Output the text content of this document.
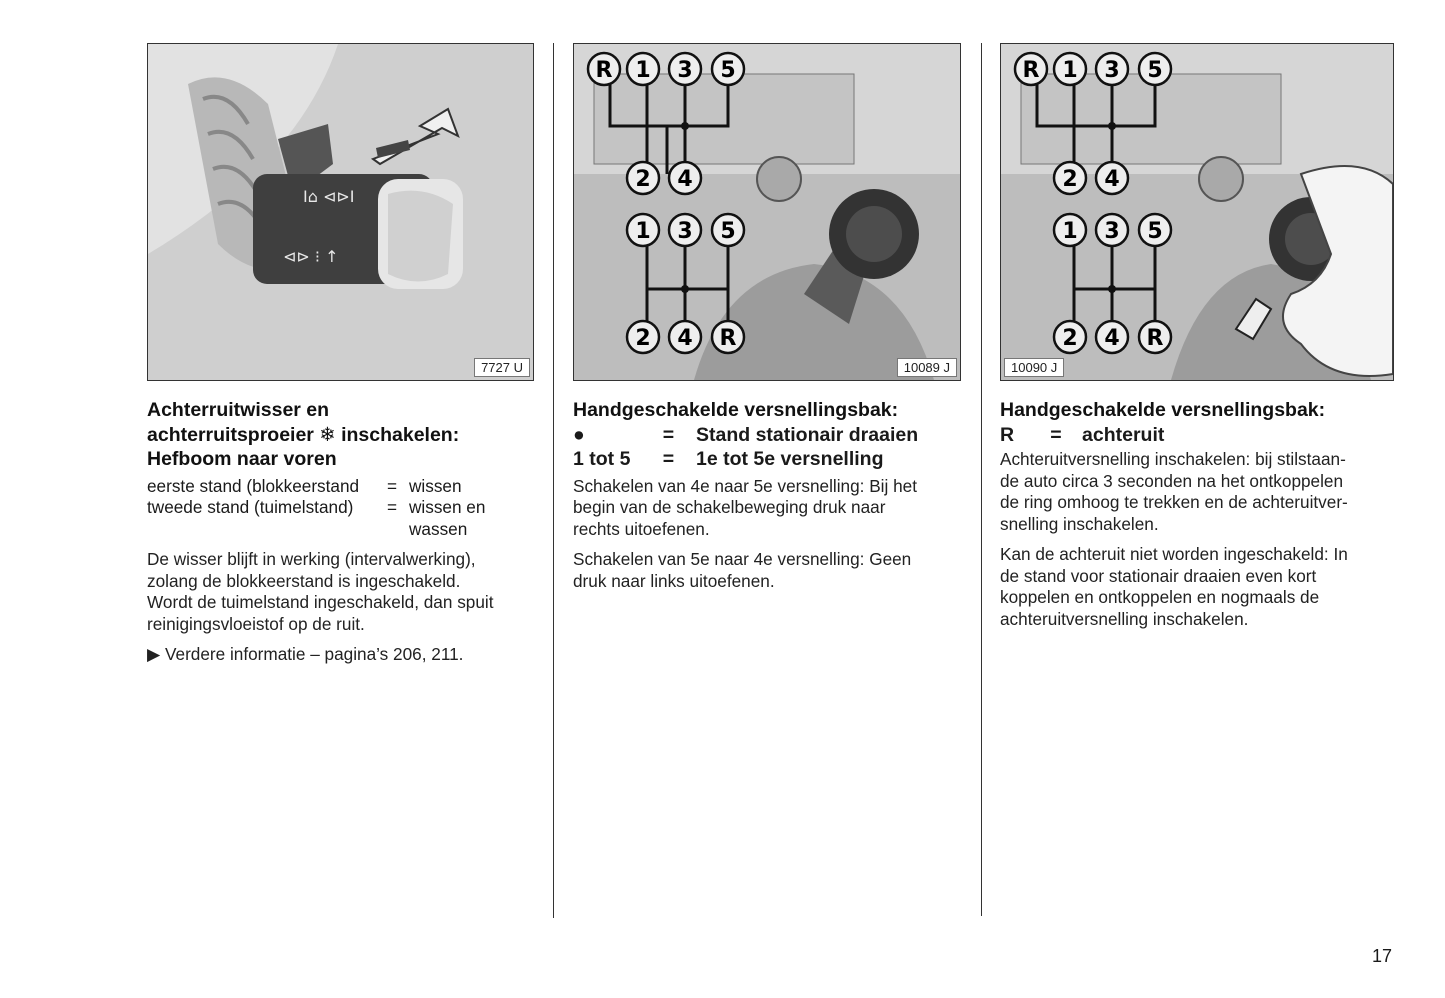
I⌂ ⊲⊳I
⊲⊳ ⁝ ↑
7727 U
Achterruitwisser en
achterruitsproeier ❄ inschakelen:
Hefboom naar voren
eerste stand (blokkeerstand	= wissen
tweede stand (tuimelstand)	= wissen en
wassen

De wisser blijft in werking (intervalwerking),
zolang de blokkeerstand is ingeschakeld.
Wordt de tuimelstand ingeschakeld, dan spuit
reinigingsvloeistof op de ruit.

▶ Verdere informatie – pagina’s 206, 211.

R 1 3 5
2 4
1 3 5
2 4 R
10089 J
Handgeschakelde versnellingsbak:
●	=	Stand stationair draaien
1 tot 5	=	1e tot 5e versnelling

Schakelen van 4e naar 5e versnelling: Bij het
begin van de schakelbeweging druk naar
rechts uitoefenen.

Schakelen van 5e naar 4e versnelling: Geen
druk naar links uitoefenen.

R 1 3 5
2 4
1 3 5
2 4 R
10090 J
Handgeschakelde versnellingsbak:
R	=	achteruit

Achteruitversnelling inschakelen: bij stilstaan-
de auto circa 3 seconden na het ontkoppelen
de ring omhoog te trekken en de achteruitver-
snelling inschakelen.

Kan de achteruit niet worden ingeschakeld: In
de stand voor stationair draaien even kort
koppelen en ontkoppelen en nogmaals de
achteruitversnelling inschakelen.

17
